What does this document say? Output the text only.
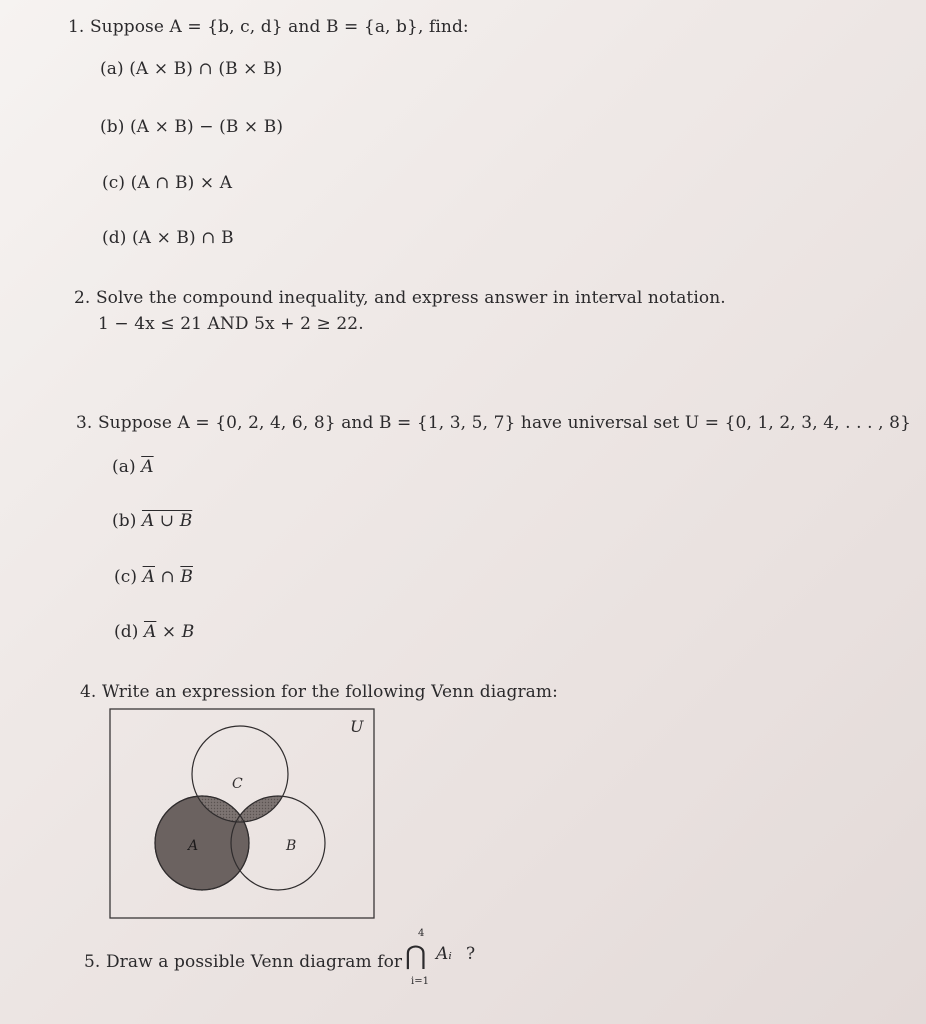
1. Suppose A = {b, c, d} and B = {a, b}, find:
(a) (A × B) ∩ (B × B)
(b) (A × B) − (B × B)
(c) (A ∩ B) × A
(d) (A × B) ∩ B
2. Solve the compound inequality, and express answer in interval notation.
1 − 4x ≤ 21 AND 5x + 2 ≥ 22.
3. Suppose A = {0, 2, 4, 6, 8} and B = {1, 3, 5, 7} have universal set U = {0, 1, 2, 3, 4, . . . , 8}
(a) $\overline{A}$
(b) A ∪ B
(c) $\overline{A}$ ∩ $\overline{B}$
(d) $\overline{A} \times B$
4. Write an expression for the following Venn diagram:
U
C
A	B
5. Draw a possible Venn diagram for
4
⋂
i=1
Aᵢ ?
